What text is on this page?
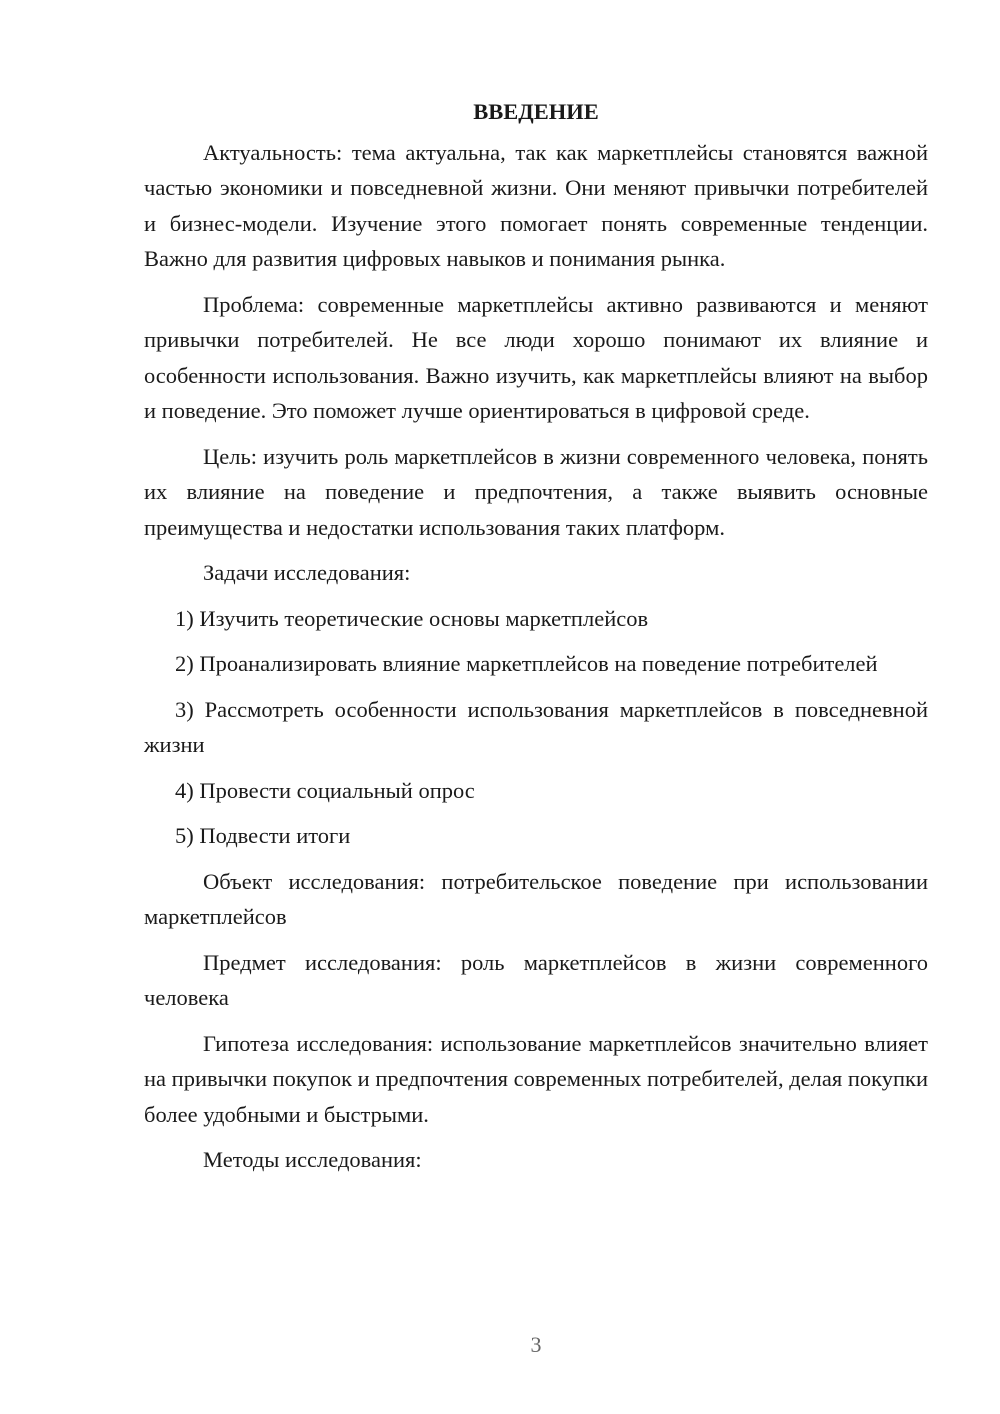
ВВЕДЕНИЕ

Актуальность: тема актуальна, так как маркетплейсы становятся важной частью экономики и повседневной жизни. Они меняют привычки потребителей и бизнес-модели. Изучение этого помогает понять современные тенденции. Важно для развития цифровых навыков и понимания рынка.

Проблема: современные маркетплейсы активно развиваются и меняют привычки потребителей. Не все люди хорошо понимают их влияние и особенности использования. Важно изучить, как маркетплейсы влияют на выбор и поведение. Это поможет лучше ориентироваться в цифровой среде.

Цель: изучить роль маркетплейсов в жизни современного человека, понять их влияние на поведение и предпочтения, а также выявить основные преимущества и недостатки использования таких платформ.

Задачи исследования:

1) Изучить теоретические основы маркетплейсов

2) Проанализировать влияние маркетплейсов на поведение потребителей

3) Рассмотреть особенности использования маркетплейсов в повседневной жизни

4) Провести социальный опрос

5) Подвести итоги

Объект исследования: потребительское поведение при использовании маркетплейсов

Предмет исследования: роль маркетплейсов в жизни современного человека

Гипотеза исследования: использование маркетплейсов значительно влияет на привычки покупок и предпочтения современных потребителей, делая покупки более удобными и быстрыми.

Методы исследования:

3
